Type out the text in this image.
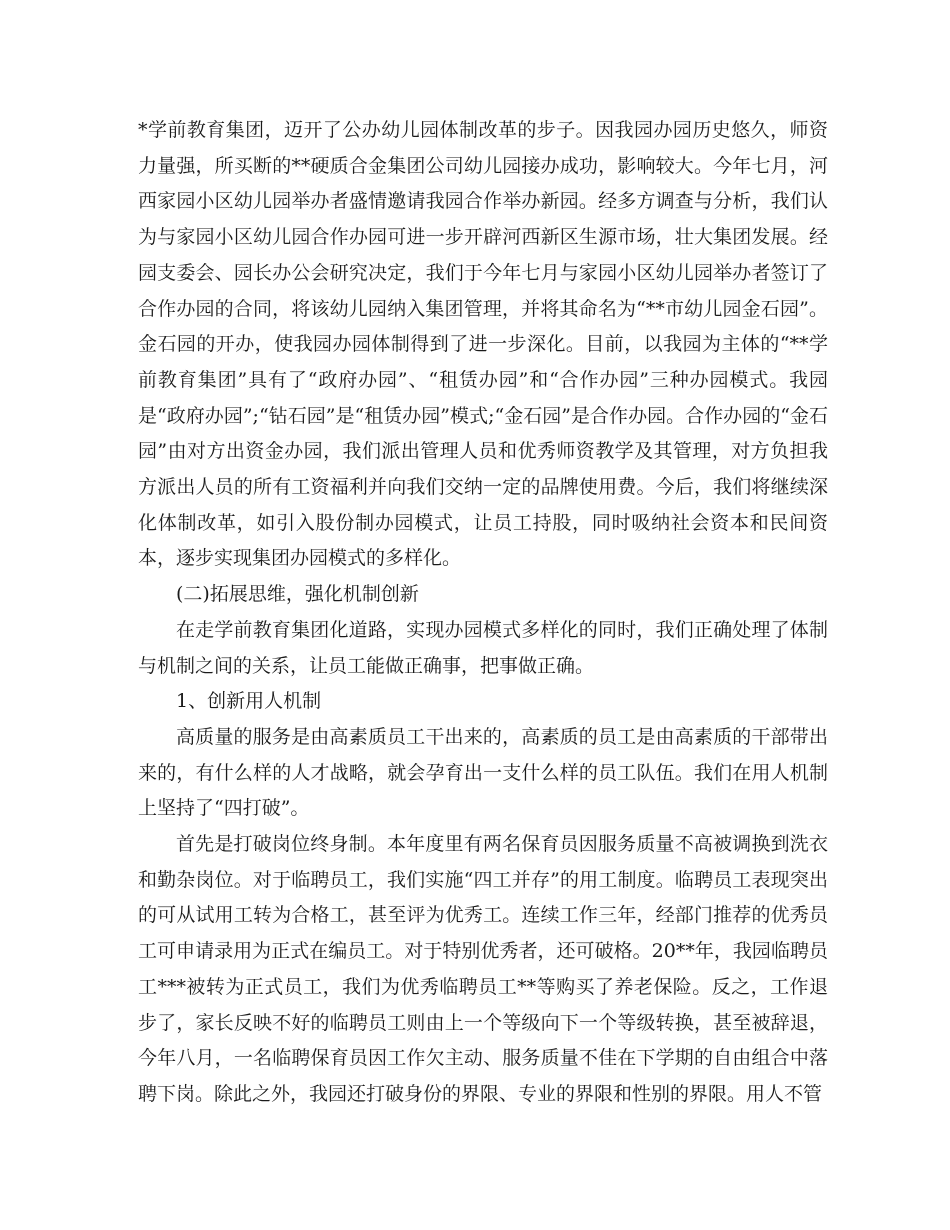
*学前教育集团，迈开了公办幼儿园体制改革的步子。因我园办园历史悠久，师资力量强，所买断的**硬质合金集团公司幼儿园接办成功，影响较大。今年七月，河西家园小区幼儿园举办者盛情邀请我园合作举办新园。经多方调查与分析，我们认为与家园小区幼儿园合作办园可进一步开辟河西新区生源市场，壮大集团发展。经园支委会、园长办公会研究决定，我们于今年七月与家园小区幼儿园举办者签订了合作办园的合同，将该幼儿园纳入集团管理，并将其命名为“**市幼儿园金石园”。金石园的开办，使我园办园体制得到了进一步深化。目前，以我园为主体的“**学前教育集团”具有了“政府办园”、“租赁办园”和“合作办园”三种办园模式。我园是“政府办园”;“钻石园”是“租赁办园”模式;“金石园”是合作办园。合作办园的“金石园”由对方出资金办园，我们派出管理人员和优秀师资教学及其管理，对方负担我方派出人员的所有工资福利并向我们交纳一定的品牌使用费。今后，我们将继续深化体制改革，如引入股份制办园模式，让员工持股，同时吸纳社会资本和民间资本，逐步实现集团办园模式的多样化。

(二)拓展思维，强化机制创新

在走学前教育集团化道路，实现办园模式多样化的同时，我们正确处理了体制与机制之间的关系，让员工能做正确事，把事做正确。

1、创新用人机制

高质量的服务是由高素质员工干出来的，高素质的员工是由高素质的干部带出来的，有什么样的人才战略，就会孕育出一支什么样的员工队伍。我们在用人机制上坚持了“四打破”。

首先是打破岗位终身制。本年度里有两名保育员因服务质量不高被调换到洗衣和勤杂岗位。对于临聘员工，我们实施“四工并存”的用工制度。临聘员工表现突出的可从试用工转为合格工，甚至评为优秀工。连续工作三年，经部门推荐的优秀员工可申请录用为正式在编员工。对于特别优秀者，还可破格。20**年，我园临聘员工***被转为正式员工，我们为优秀临聘员工**等购买了养老保险。反之，工作退步了，家长反映不好的临聘员工则由上一个等级向下一个等级转换，甚至被辞退，今年八月，一名临聘保育员因工作欠主动、服务质量不佳在下学期的自由组合中落聘下岗。除此之外，我园还打破身份的界限、专业的界限和性别的界限。用人不管
